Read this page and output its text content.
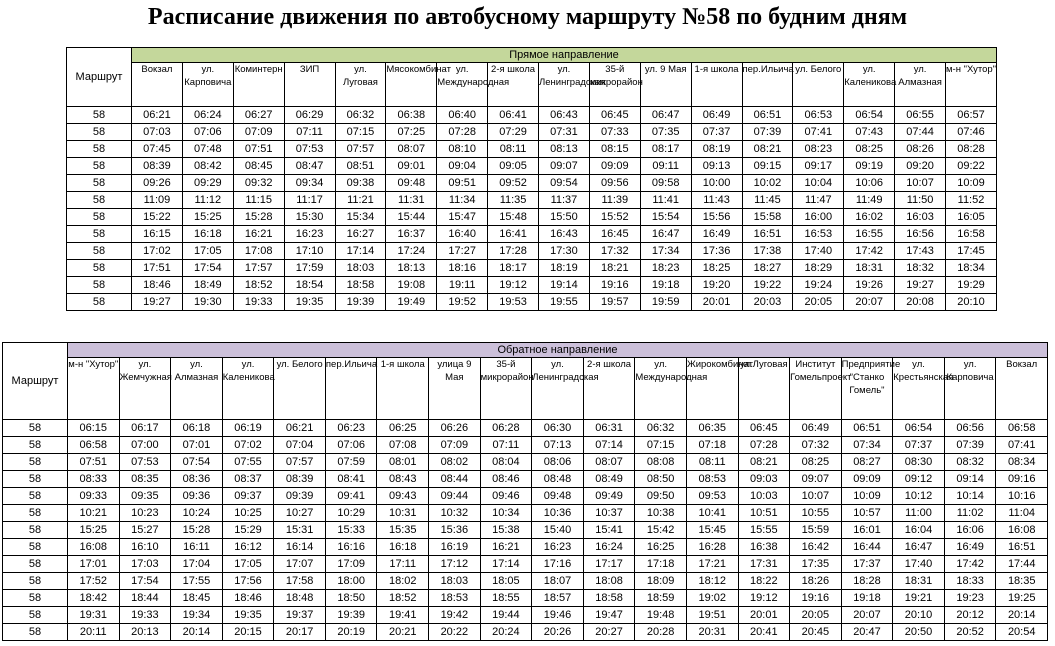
Расписание движения по автобусному маршруту №58 по будним дням
Маршрут	Прямое направление																
	Вокзал	ул. Карповича	Коминтерн	ЗИП	ул. Луговая	Мясокомбинат	ул. Международная	2-я школа	ул. Ленинградская	35-й микрорайон	ул. 9 Мая	1-я школа	пер.Ильича	ул. Белого	ул. Калениковa	ул. Алмазная	м-н "Хутор"
58	06:21	06:24	06:27	06:29	06:32	06:38	06:40	06:41	06:43	06:45	06:47	06:49	06:51	06:53	06:54	06:55	06:57
58	07:03	07:06	07:09	07:11	07:15	07:25	07:28	07:29	07:31	07:33	07:35	07:37	07:39	07:41	07:43	07:44	07:46
58	07:45	07:48	07:51	07:53	07:57	08:07	08:10	08:11	08:13	08:15	08:17	08:19	08:21	08:23	08:25	08:26	08:28
58	08:39	08:42	08:45	08:47	08:51	09:01	09:04	09:05	09:07	09:09	09:11	09:13	09:15	09:17	09:19	09:20	09:22
58	09:26	09:29	09:32	09:34	09:38	09:48	09:51	09:52	09:54	09:56	09:58	10:00	10:02	10:04	10:06	10:07	10:09
58	11:09	11:12	11:15	11:17	11:21	11:31	11:34	11:35	11:37	11:39	11:41	11:43	11:45	11:47	11:49	11:50	11:52
58	15:22	15:25	15:28	15:30	15:34	15:44	15:47	15:48	15:50	15:52	15:54	15:56	15:58	16:00	16:02	16:03	16:05
58	16:15	16:18	16:21	16:23	16:27	16:37	16:40	16:41	16:43	16:45	16:47	16:49	16:51	16:53	16:55	16:56	16:58
58	17:02	17:05	17:08	17:10	17:14	17:24	17:27	17:28	17:30	17:32	17:34	17:36	17:38	17:40	17:42	17:43	17:45
58	17:51	17:54	17:57	17:59	18:03	18:13	18:16	18:17	18:19	18:21	18:23	18:25	18:27	18:29	18:31	18:32	18:34
58	18:46	18:49	18:52	18:54	18:58	19:08	19:11	19:12	19:14	19:16	19:18	19:20	19:22	19:24	19:26	19:27	19:29
58	19:27	19:30	19:33	19:35	19:39	19:49	19:52	19:53	19:55	19:57	19:59	20:01	20:03	20:05	20:07	20:08	20:10
Маршрут	Обратное направление																		
	м-н "Хутор"	ул. Жемчужная	ул. Алмазная	ул. Калениковa	ул. Белого	пер.Ильича	1-я школа	улица 9 Мая	35-й микрорайон	ул. Ленинградская	2-я школа	ул. Международная	Жирокомбинат	ул.Луговая	Институт Гомельпроект	Предприятие "Станко Гомель"	ул. Крестьянская	ул. Карповича	Вокзал
58	06:15	06:17	06:18	06:19	06:21	06:23	06:25	06:26	06:28	06:30	06:31	06:32	06:35	06:45	06:49	06:51	06:54	06:56	06:58
58	06:58	07:00	07:01	07:02	07:04	07:06	07:08	07:09	07:11	07:13	07:14	07:15	07:18	07:28	07:32	07:34	07:37	07:39	07:41
58	07:51	07:53	07:54	07:55	07:57	07:59	08:01	08:02	08:04	08:06	08:07	08:08	08:11	08:21	08:25	08:27	08:30	08:32	08:34
58	08:33	08:35	08:36	08:37	08:39	08:41	08:43	08:44	08:46	08:48	08:49	08:50	08:53	09:03	09:07	09:09	09:12	09:14	09:16
58	09:33	09:35	09:36	09:37	09:39	09:41	09:43	09:44	09:46	09:48	09:49	09:50	09:53	10:03	10:07	10:09	10:12	10:14	10:16
58	10:21	10:23	10:24	10:25	10:27	10:29	10:31	10:32	10:34	10:36	10:37	10:38	10:41	10:51	10:55	10:57	11:00	11:02	11:04
58	15:25	15:27	15:28	15:29	15:31	15:33	15:35	15:36	15:38	15:40	15:41	15:42	15:45	15:55	15:59	16:01	16:04	16:06	16:08
58	16:08	16:10	16:11	16:12	16:14	16:16	16:18	16:19	16:21	16:23	16:24	16:25	16:28	16:38	16:42	16:44	16:47	16:49	16:51
58	17:01	17:03	17:04	17:05	17:07	17:09	17:11	17:12	17:14	17:16	17:17	17:18	17:21	17:31	17:35	17:37	17:40	17:42	17:44
58	17:52	17:54	17:55	17:56	17:58	18:00	18:02	18:03	18:05	18:07	18:08	18:09	18:12	18:22	18:26	18:28	18:31	18:33	18:35
58	18:42	18:44	18:45	18:46	18:48	18:50	18:52	18:53	18:55	18:57	18:58	18:59	19:02	19:12	19:16	19:18	19:21	19:23	19:25
58	19:31	19:33	19:34	19:35	19:37	19:39	19:41	19:42	19:44	19:46	19:47	19:48	19:51	20:01	20:05	20:07	20:10	20:12	20:14
58	20:11	20:13	20:14	20:15	20:17	20:19	20:21	20:22	20:24	20:26	20:27	20:28	20:31	20:41	20:45	20:47	20:50	20:52	20:54
